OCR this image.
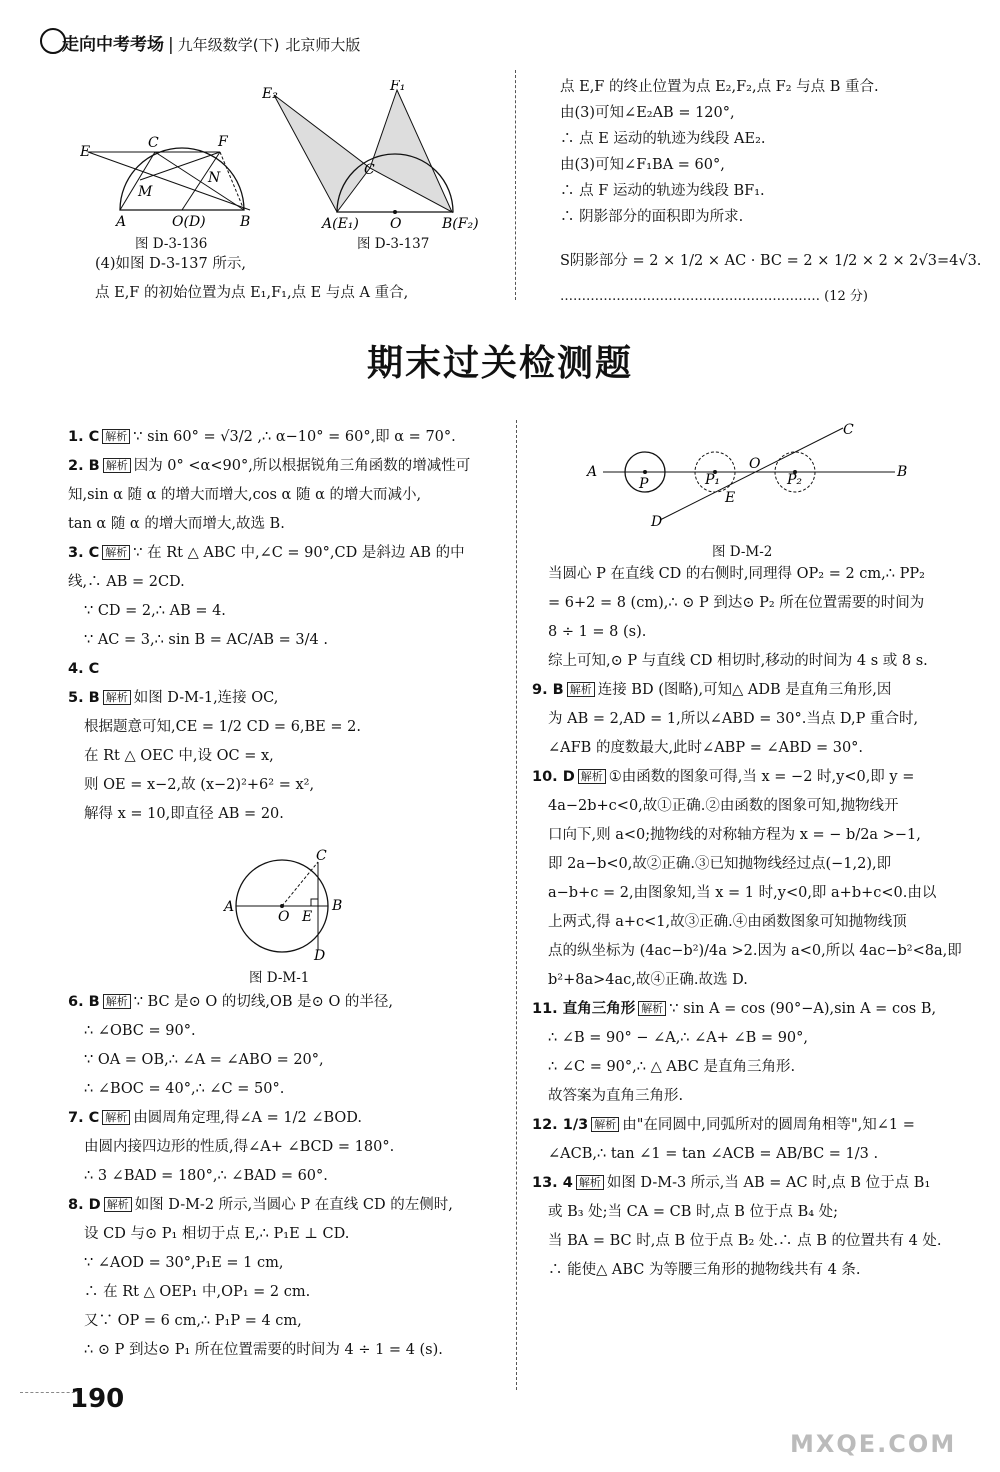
走向中考考场 | 九年级数学(下) 北京师大版
E
C	F
M
N
A	O(D) B
图 D-3-136
E₂	F₁
C
A(E₁) O	B(F₂)
图 D-3-137
(4)如图 D-3-137 所示,
点 E,F 的初始位置为点 E₁,F₁,点 E 与点 A 重合,
点 E,F 的终止位置为点 E₂,F₂,点 F₂ 与点 B 重合.
由(3)可知∠E₂AB = 120°,
∴ 点 E 运动的轨迹为线段 AE₂.
由(3)可知∠F₁BA = 60°,
∴ 点 F 运动的轨迹为线段 BF₁.
∴ 阴影部分的面积即为所求.
S阴影部分 = 2 × 1/2 × AC · BC = 2 × 1/2 × 2 × 2√3=4√3.
…………………………………………………… (12 分)
期末过关检测题
1. C 解析 ∵ sin 60° = √3/2 ,∴ α−10° = 60°,即 α = 70°.
2. B 解析 因为 0° <α<90°,所以根据锐角三角函数的增减性可
知,sin α 随 α 的增大而增大,cos α 随 α 的增大而减小,
tan α 随 α 的增大而增大,故选 B.
3. C 解析 ∵ 在 Rt △ ABC 中,∠C = 90°,CD 是斜边 AB 的中
线,∴ AB = 2CD.
∵ CD = 2,∴ AB = 4.
∵ AC = 3,∴ sin B = AC/AB = 3/4 .
4. C
5. B 解析 如图 D-M-1,连接 OC,
根据题意可知,CE = 1/2 CD = 6,BE = 2.
在 Rt △ OEC 中,设 OC = x,
则 OE = x−2,故 (x−2)²+6² = x²,
解得 x = 10,即直径 AB = 20.
C
A
O E
B
D
图 D-M-1
6. B 解析 ∵ BC 是⊙ O 的切线,OB 是⊙ O 的半径,
∴ ∠OBC = 90°.
∵ OA = OB,∴ ∠A = ∠ABO = 20°,
∴ ∠BOC = 40°,∴ ∠C = 50°.
7. C 解析 由圆周角定理,得∠A = 1/2 ∠BOD.
由圆内接四边形的性质,得∠A+ ∠BCD = 180°.
∴ 3 ∠BAD = 180°,∴ ∠BAD = 60°.
8. D 解析 如图 D-M-2 所示,当圆心 P 在直线 CD 的左侧时,
设 CD 与⊙ P₁ 相切于点 E,∴ P₁E ⊥ CD.
∵ ∠AOD = 30°,P₁E = 1 cm,
∴ 在 Rt △ OEP₁ 中,OP₁ = 2 cm.
又∵ OP = 6 cm,∴ P₁P = 4 cm,
∴ ⊙ P 到达⊙ P₁ 所在位置需要的时间为 4 ÷ 1 = 4 (s).
C
A
P	P₁
O
P₂	B
E
D
图 D-M-2
当圆心 P 在直线 CD 的右侧时,同理得 OP₂ = 2 cm,∴ PP₂
= 6+2 = 8 (cm),∴ ⊙ P 到达⊙ P₂ 所在位置需要的时间为
8 ÷ 1 = 8 (s).
综上可知,⊙ P 与直线 CD 相切时,移动的时间为 4 s 或 8 s.
9. B 解析 连接 BD (图略),可知△ ADB 是直角三角形,因
为 AB = 2,AD = 1,所以∠ABD = 30°.当点 D,P 重合时,
∠AFB 的度数最大,此时∠ABP = ∠ABD = 30°.
10. D 解析 ①由函数的图象可得,当 x = −2 时,y<0,即 y =
4a−2b+c<0,故①正确.②由函数的图象可知,抛物线开
口向下,则 a<0;抛物线的对称轴方程为 x = − b/2a >−1,
即 2a−b<0,故②正确.③已知抛物线经过点(−1,2),即
a−b+c = 2,由图象知,当 x = 1 时,y<0,即 a+b+c<0.由以
上两式,得 a+c<1,故③正确.④由函数图象可知抛物线顶
点的纵坐标为 (4ac−b²)/4a >2.因为 a<0,所以 4ac−b²<8a,即
b²+8a>4ac,故④正确.故选 D.
11. 直角三角形 解析 ∵ sin A = cos (90°−A),sin A = cos B,
∴ ∠B = 90° − ∠A,∴ ∠A+ ∠B = 90°,
∴ ∠C = 90°,∴ △ ABC 是直角三角形.
故答案为直角三角形.
12. 1/3 解析 由"在同圆中,同弧所对的圆周角相等",知∠1 =
∠ACB,∴ tan ∠1 = tan ∠ACB = AB/BC = 1/3 .
13. 4 解析 如图 D-M-3 所示,当 AB = AC 时,点 B 位于点 B₁
或 B₃ 处;当 CA = CB 时,点 B 位于点 B₄ 处;
当 BA = BC 时,点 B 位于点 B₂ 处.∴ 点 B 的位置共有 4 处.
∴ 能使△ ABC 为等腰三角形的抛物线共有 4 条.
190
MXQE.COM
